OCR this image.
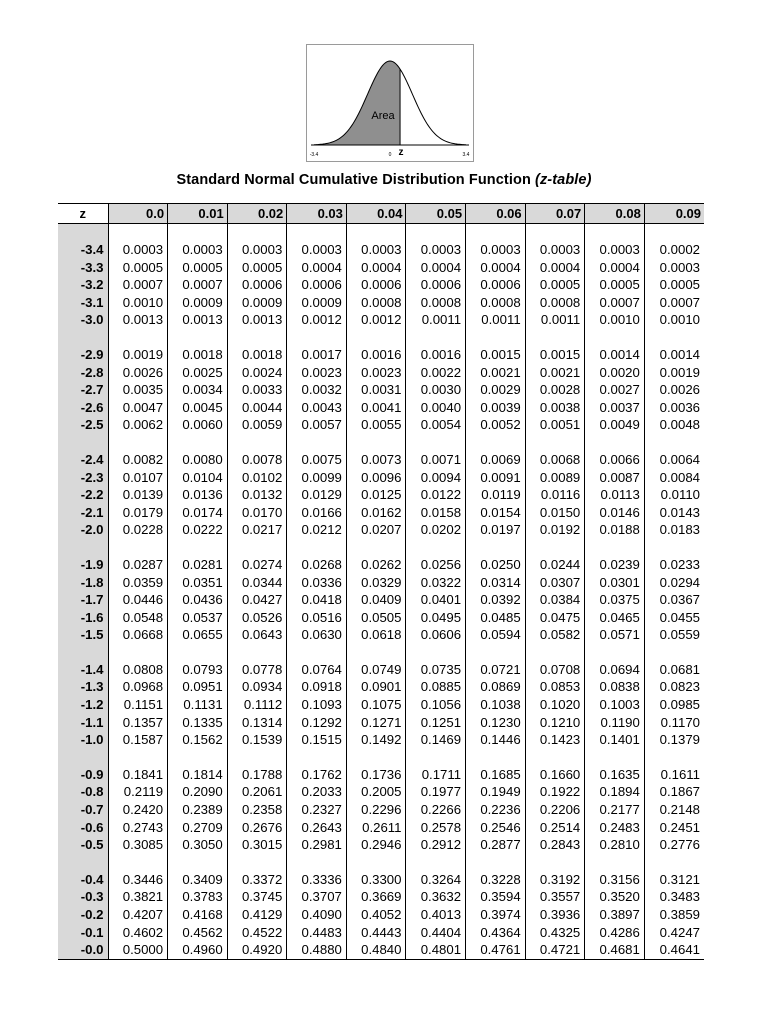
Area
z
-3.4	0	3.4
Standard Normal Cumulative Distribution Function (z-table)
z	0.0	0.01	0.02	0.03	0.04	0.05	0.06	0.07	0.08	0.09

-3.4	0.0003	0.0003	0.0003	0.0003	0.0003	0.0003	0.0003	0.0003	0.0003	0.0002
-3.3	0.0005	0.0005	0.0005	0.0004	0.0004	0.0004	0.0004	0.0004	0.0004	0.0003
-3.2	0.0007	0.0007	0.0006	0.0006	0.0006	0.0006	0.0006	0.0005	0.0005	0.0005
-3.1	0.0010	0.0009	0.0009	0.0009	0.0008	0.0008	0.0008	0.0008	0.0007	0.0007
-3.0	0.0013	0.0013	0.0013	0.0012	0.0012	0.0011	0.0011	0.0011	0.0010	0.0010

-2.9	0.0019	0.0018	0.0018	0.0017	0.0016	0.0016	0.0015	0.0015	0.0014	0.0014
-2.8	0.0026	0.0025	0.0024	0.0023	0.0023	0.0022	0.0021	0.0021	0.0020	0.0019
-2.7	0.0035	0.0034	0.0033	0.0032	0.0031	0.0030	0.0029	0.0028	0.0027	0.0026
-2.6	0.0047	0.0045	0.0044	0.0043	0.0041	0.0040	0.0039	0.0038	0.0037	0.0036
-2.5	0.0062	0.0060	0.0059	0.0057	0.0055	0.0054	0.0052	0.0051	0.0049	0.0048

-2.4	0.0082	0.0080	0.0078	0.0075	0.0073	0.0071	0.0069	0.0068	0.0066	0.0064
-2.3	0.0107	0.0104	0.0102	0.0099	0.0096	0.0094	0.0091	0.0089	0.0087	0.0084
-2.2	0.0139	0.0136	0.0132	0.0129	0.0125	0.0122	0.0119	0.0116	0.0113	0.0110
-2.1	0.0179	0.0174	0.0170	0.0166	0.0162	0.0158	0.0154	0.0150	0.0146	0.0143
-2.0	0.0228	0.0222	0.0217	0.0212	0.0207	0.0202	0.0197	0.0192	0.0188	0.0183

-1.9	0.0287	0.0281	0.0274	0.0268	0.0262	0.0256	0.0250	0.0244	0.0239	0.0233
-1.8	0.0359	0.0351	0.0344	0.0336	0.0329	0.0322	0.0314	0.0307	0.0301	0.0294
-1.7	0.0446	0.0436	0.0427	0.0418	0.0409	0.0401	0.0392	0.0384	0.0375	0.0367
-1.6	0.0548	0.0537	0.0526	0.0516	0.0505	0.0495	0.0485	0.0475	0.0465	0.0455
-1.5	0.0668	0.0655	0.0643	0.0630	0.0618	0.0606	0.0594	0.0582	0.0571	0.0559

-1.4	0.0808	0.0793	0.0778	0.0764	0.0749	0.0735	0.0721	0.0708	0.0694	0.0681
-1.3	0.0968	0.0951	0.0934	0.0918	0.0901	0.0885	0.0869	0.0853	0.0838	0.0823
-1.2	0.1151	0.1131	0.1112	0.1093	0.1075	0.1056	0.1038	0.1020	0.1003	0.0985
-1.1	0.1357	0.1335	0.1314	0.1292	0.1271	0.1251	0.1230	0.1210	0.1190	0.1170
-1.0	0.1587	0.1562	0.1539	0.1515	0.1492	0.1469	0.1446	0.1423	0.1401	0.1379

-0.9	0.1841	0.1814	0.1788	0.1762	0.1736	0.1711	0.1685	0.1660	0.1635	0.1611
-0.8	0.2119	0.2090	0.2061	0.2033	0.2005	0.1977	0.1949	0.1922	0.1894	0.1867
-0.7	0.2420	0.2389	0.2358	0.2327	0.2296	0.2266	0.2236	0.2206	0.2177	0.2148
-0.6	0.2743	0.2709	0.2676	0.2643	0.2611	0.2578	0.2546	0.2514	0.2483	0.2451
-0.5	0.3085	0.3050	0.3015	0.2981	0.2946	0.2912	0.2877	0.2843	0.2810	0.2776

-0.4	0.3446	0.3409	0.3372	0.3336	0.3300	0.3264	0.3228	0.3192	0.3156	0.3121
-0.3	0.3821	0.3783	0.3745	0.3707	0.3669	0.3632	0.3594	0.3557	0.3520	0.3483
-0.2	0.4207	0.4168	0.4129	0.4090	0.4052	0.4013	0.3974	0.3936	0.3897	0.3859
-0.1	0.4602	0.4562	0.4522	0.4483	0.4443	0.4404	0.4364	0.4325	0.4286	0.4247
-0.0	0.5000	0.4960	0.4920	0.4880	0.4840	0.4801	0.4761	0.4721	0.4681	0.4641
